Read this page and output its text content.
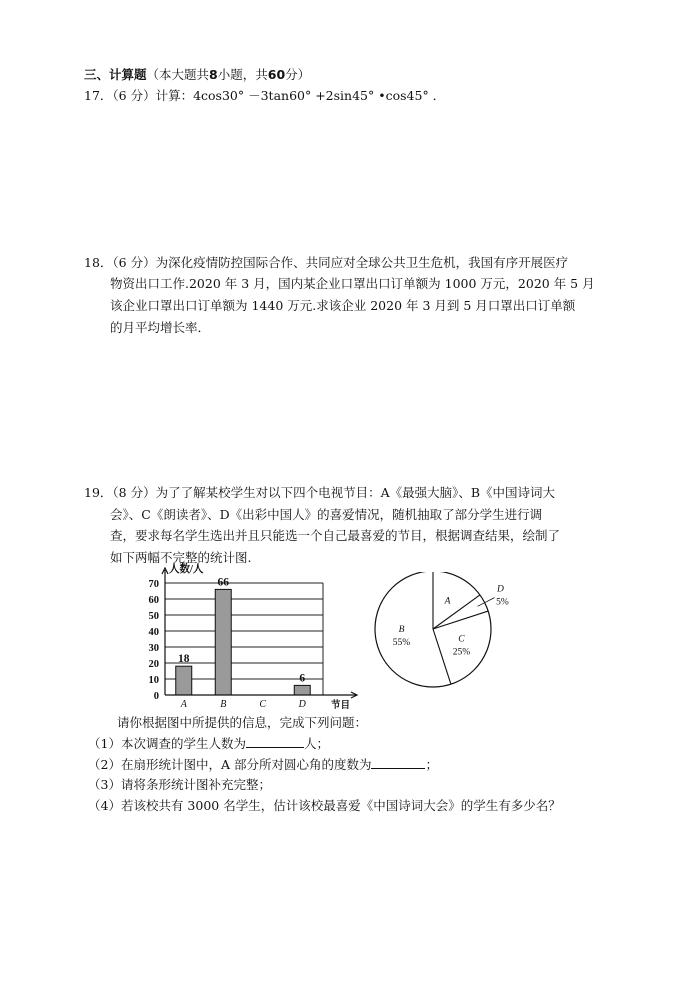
三、计算题（本大题共8小题，共60分）
17．（6 分）计算：4cos30° －3tan60° +2sin45° •cos45° ．
18．（6 分）为深化疫情防控国际合作、共同应对全球公共卫生危机，我国有序开展医疗
物资出口工作.2020 年 3 月，国内某企业口罩出口订单额为 1000 万元，2020 年 5 月
该企业口罩出口订单额为 1440 万元.求该企业 2020 年 3 月到 5 月口罩出口订单额
的月平均增长率．
19．（8 分）为了了解某校学生对以下四个电视节目：A《最强大脑》、B《中国诗词大
会》、C《朗读者》、D《出彩中国人》的喜爱情况，随机抽取了部分学生进行调
查，要求每名学生选出并且只能选一个自己最喜爱的节目，根据调查结果，绘制了
如下两幅不完整的统计图.
0
10
20
30
40
50
60
70
人数/人
节目
18
A
66
B	C
6
D
A
D
5%
C
25%
B
55%
请你根据图中所提供的信息，完成下列问题：
（1）本次调查的学生人数为	人；
（2）在扇形统计图中，A 部分所对圆心角的度数为	；
（3）请将条形统计图补充完整；
（4）若该校共有 3000 名学生，估计该校最喜爱《中国诗词大会》的学生有多少名？
